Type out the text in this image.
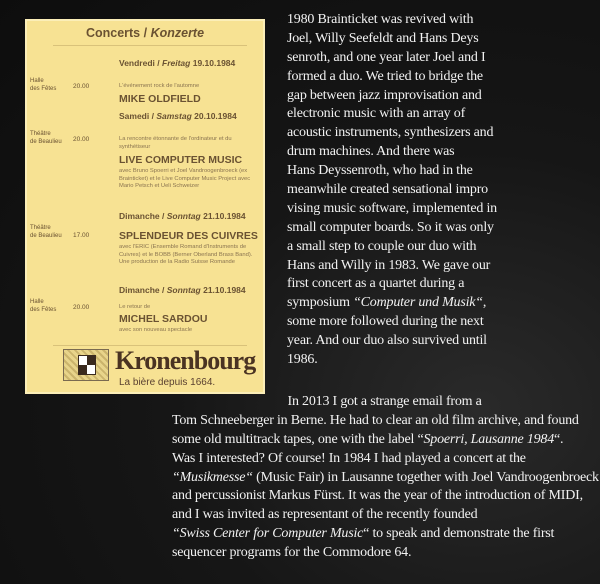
Concerts / Konzerte
Vendredi / Freitag 19.10.1984
Halle
des Fêtes	20.00	L'événement rock de l'automne
MIKE OLDFIELD
Samedi / Samstag 20.10.1984
Théâtre
de Beaulieu 20.00	La rencontre étonnante de l'ordinateur et du synthétiseur
LIVE COMPUTER MUSIC
avec Bruno Spoerri et Joel Vandroogenbroeck (ex Brainticket) et le Live Computer Music Project avec Mario Petsch et Ueli Schweizer
Dimanche / Sonntag 21.10.1984
Théâtre
de Beaulieu 17.00	SPLENDEUR DES CUIVRES
avec l'ERIC (Ensemble Romand d'Instruments de Cuivres) et le BOBB (Berner Oberland Brass Band). Une production de la Radio Suisse Romande
Dimanche / Sonntag 21.10.1984
Halle
des Fêtes	20.00	Le retour de
MICHEL SARDOU
avec son nouveau spectacle
Kronenbourg
La bière depuis 1664.
1980 Brainticket was revived with
Joel, Willy Seefeldt and Hans Deys
senroth, and one year later Joel and I
formed a duo. We tried to bridge the
gap between jazz improvisation and
electronic music with an array of
acoustic instruments, synthesizers and
drum machines. And there was
Hans Deyssenroth, who had in the
meanwhile created sensational impro
vising music software, implemented in
small computer boards. So it was only
a small step to couple our duo with
Hans and Willy in 1983. We gave our
first concert as a quartet during a
symposium “Computer und Musik“,
some more followed during the next
year. And our duo also survived until
1986.
In 2013 I got a strange email from a
Tom Schneeberger in Berne. He had to clear an old film archive, and found
some old multitrack tapes, one with the label “Spoerri, Lausanne 1984“.
Was I interested? Of course! In 1984 I had played a concert at the
“Musikmesse“ (Music Fair) in Lausanne together with Joel Vandroogenbroeck
and percussionist Markus Fürst. It was the year of the introduction of MIDI,
and I was invited as representant of the recently founded
“Swiss Center for Computer Music“ to speak and demonstrate the first
sequencer programs for the Commodore 64.
